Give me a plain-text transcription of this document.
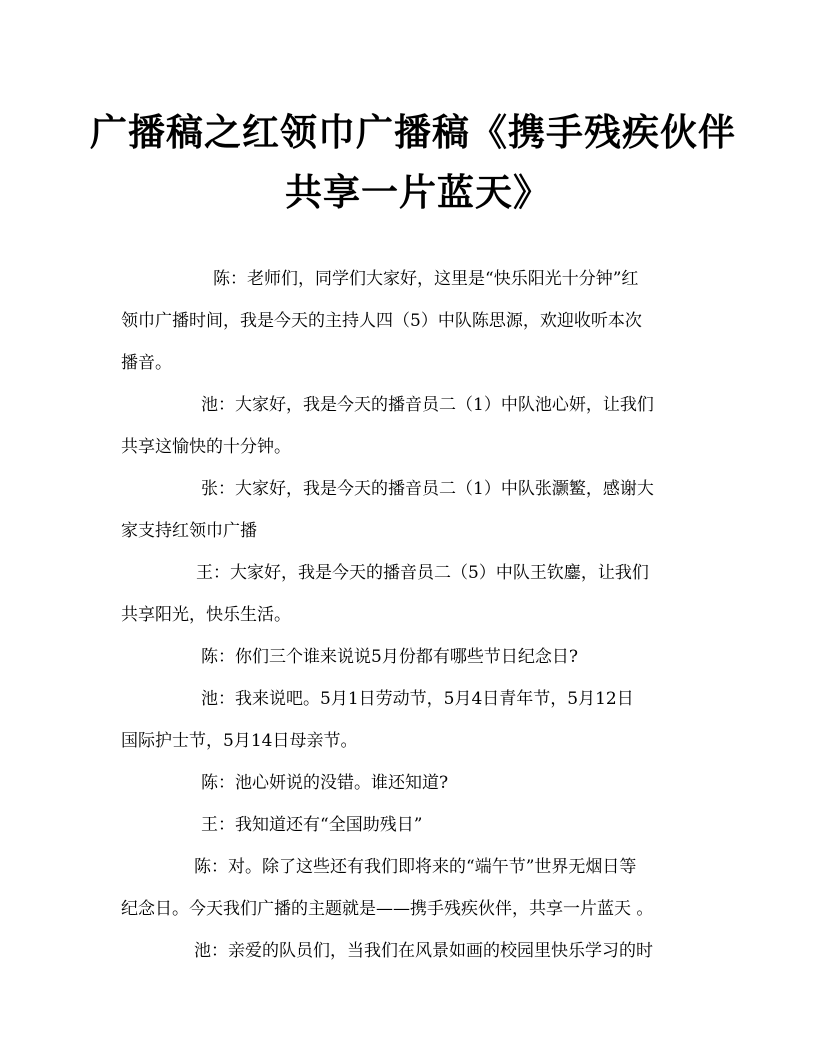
广播稿之红领巾广播稿《携手残疾伙伴
共享一片蓝天》
陈：老师们，同学们大家好，这里是“快乐阳光十分钟”红
领巾广播时间，我是今天的主持人四（5）中队陈思源，欢迎收听本次
播音。
池：大家好，我是今天的播音员二（1）中队池心妍，让我们
共享这愉快的十分钟。
张：大家好，我是今天的播音员二（1）中队张灏鳘，感谢大
家支持红领巾广播
王：大家好，我是今天的播音员二（5）中队王钦鏖，让我们
共享阳光，快乐生活。
陈：你们三个谁来说说5月份都有哪些节日纪念日?
池：我来说吧。5月1日劳动节，5月4日青年节，5月12日
国际护士节，5月14日母亲节。
陈：池心妍说的没错。谁还知道?
王：我知道还有“全国助残日”
陈：对。除了这些还有我们即将来的“端午节”世界无烟日等
纪念日。今天我们广播的主题就是——携手残疾伙伴，共享一片蓝天 。
池：亲爱的队员们，当我们在风景如画的校园里快乐学习的时
